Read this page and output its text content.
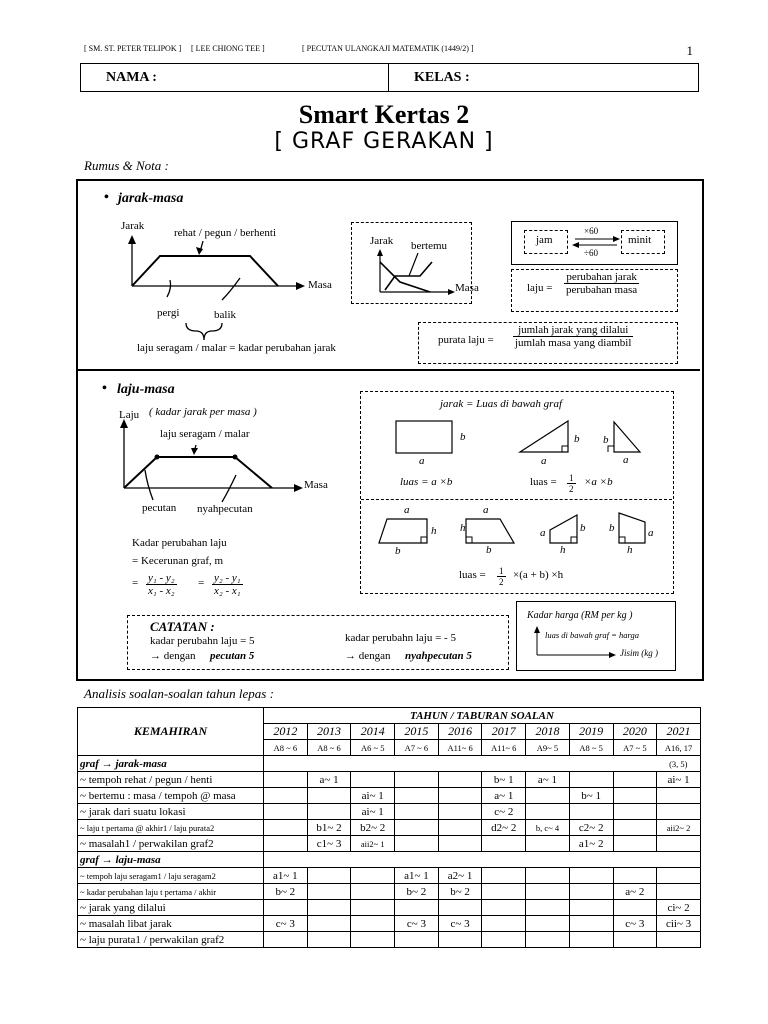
[ SM. ST. PETER TELIPOK ] [ LEE CHIONG TEE ]	[ PECUTAN ULANGKAJI MATEMATIK (1449/2) ]	1
NAMA :	KELAS :
Smart Kertas 2
[ GRAF GERAKAN ]
Rumus & Nota :
• jarak-masa
Jarak
rehat / pegun / berhenti
Masa
pergi	balik
laju seragam / malar = kadar perubahan jarak
Jarak bertemu
Masa
jam	minit
×60
÷60
laju =
perubahan jarak
perubahan masa
purata laju =
jumlah jarak yang dilalui
jumlah masa yang diambil
• laju-masa
Laju ( kadar jarak per masa )
laju seragam / malar
Masa
pecutan nyahpecutan
Kadar perubahan laju
= Kecerunan graf, m
= $\frac{\text{y₁ - y₂}}{\text{x₁ - x₂}} = \frac{\text{y₂ - y₁}}{\text{x₂ - x₁}}$
jarak = Luas di bawah graf
b
a
b
a
b
a
luas = a ×b	luas = $\frac{1}{2} \times a \times b$
a
h
b
a
h
b
a	b
h
b	a
h
luas = $\frac{1}{2} \times(a + b) \times h$
CATATAN :
kadar perubahn laju = 5
→ dengan pecutan 5
kadar perubahn laju = - 5
→ dengan nyahpecutan 5
Kadar harga (RM per kg )
luas di bawah graf = harga
Jisim (kg )
Analisis soalan-soalan tahun lepas :
KEMAHIRAN	TAHUN / TABURAN SOALAN									
	2012	2013	2014	2015	2016	2017	2018	2019	2020	2021
	A8 ~ 6	A8 ~ 6	A6 ~ 5	A7 ~ 6	A11~ 6	A11~ 6	A9~ 5	A8 ~ 5	A7 ~ 5	A16, 17
graf → jarak-masa										(3, 5)
~ tempoh rehat / pegun / henti		a~ 1				b~ 1	a~ 1			ai~ 1
~ bertemu : masa / tempoh @ masa			ai~ 1			a~ 1		b~ 1		
~ jarak dari suatu lokasi			ai~ 1			c~ 2				
~ laju t pertama @ akhir1 / laju purata2		b1~ 2	b2~ 2			d2~ 2	b, c~ 4	c2~ 2		aii2~ 2
~ masalah1 / perwakilan graf2		c1~ 3	aii2~ 1					a1~ 2		
graf → laju-masa										
~ tempoh laju seragam1 / laju seragam2	a1~ 1			a1~ 1	a2~ 1					
~ kadar perubahan laju t pertama / akhir	b~ 2			b~ 2	b~ 2				a~ 2	
~ jarak yang dilalui										ci~ 2
~ masalah libat jarak	c~ 3			c~ 3	c~ 3				c~ 3	cii~ 3
~ laju purata1 / perwakilan graf2										
